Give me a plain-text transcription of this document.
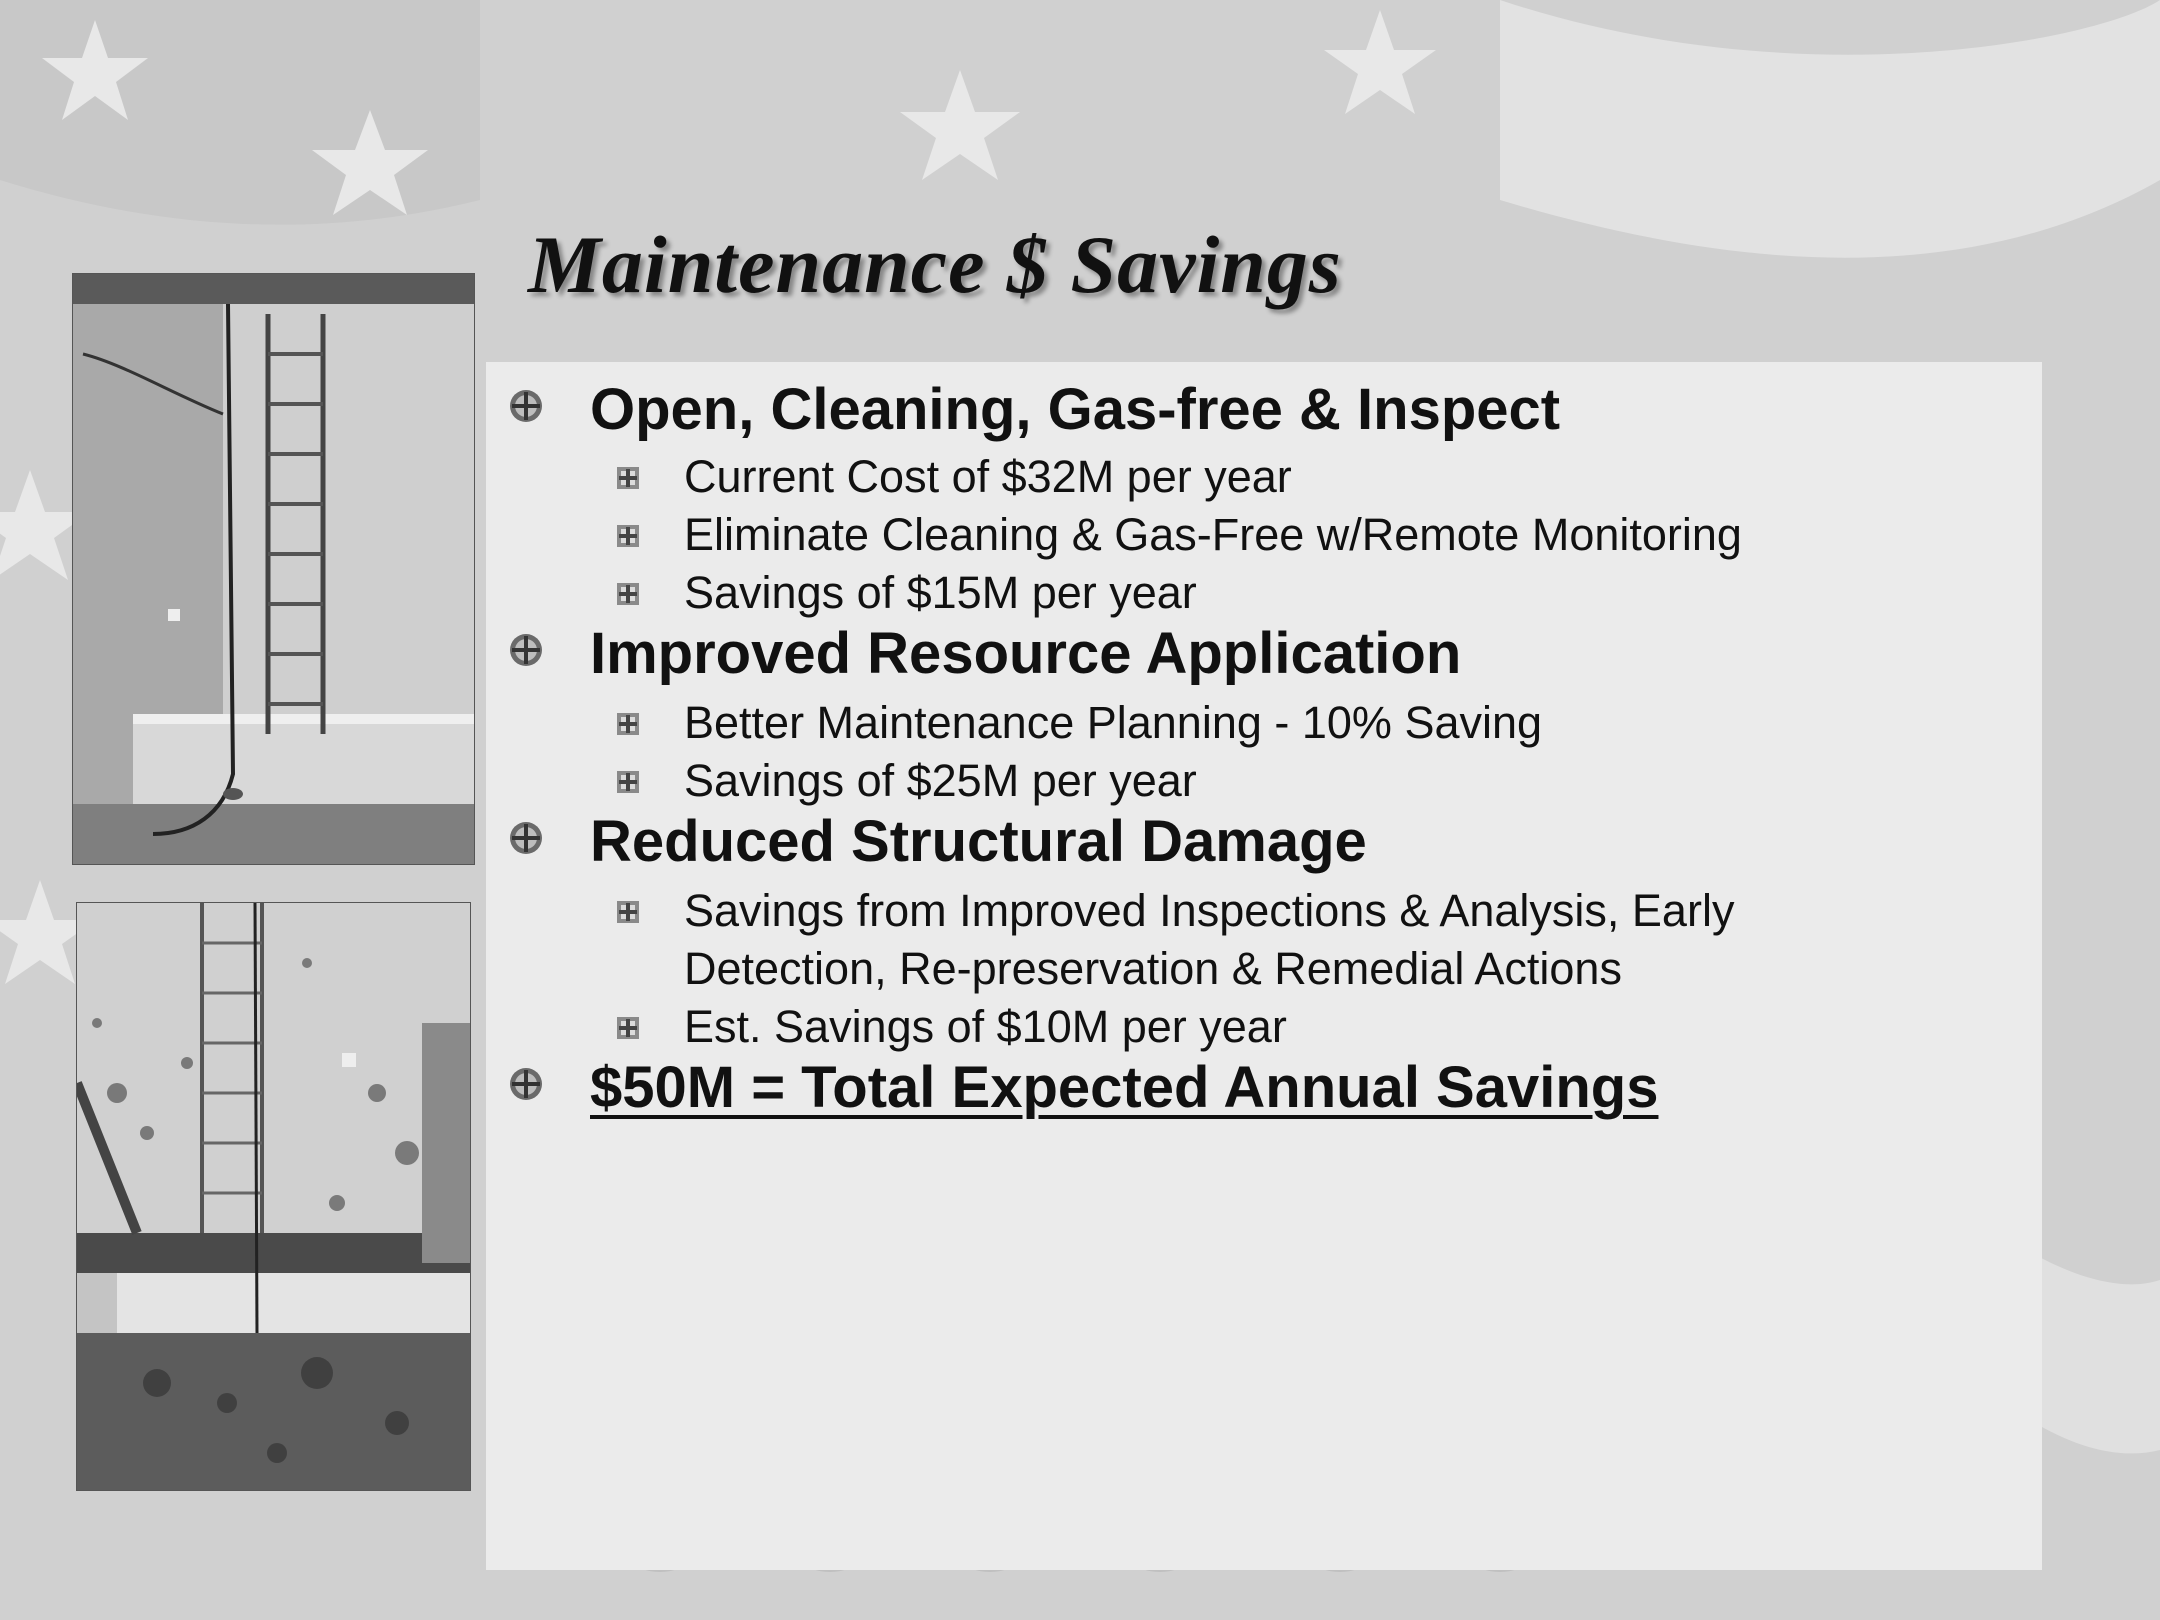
Maintenance $ Savings
Open, Cleaning, Gas-free & Inspect
Current Cost of $32M per year
Eliminate Cleaning & Gas-Free w/Remote Monitoring
Savings of $15M per year
Improved Resource Application
Better Maintenance Planning - 10% Saving
Savings of $25M per year
Reduced Structural Damage
Savings from Improved Inspections & Analysis, Early
Detection, Re-preservation & Remedial Actions
Est. Savings of $10M per year
$50M = Total Expected Annual Savings
